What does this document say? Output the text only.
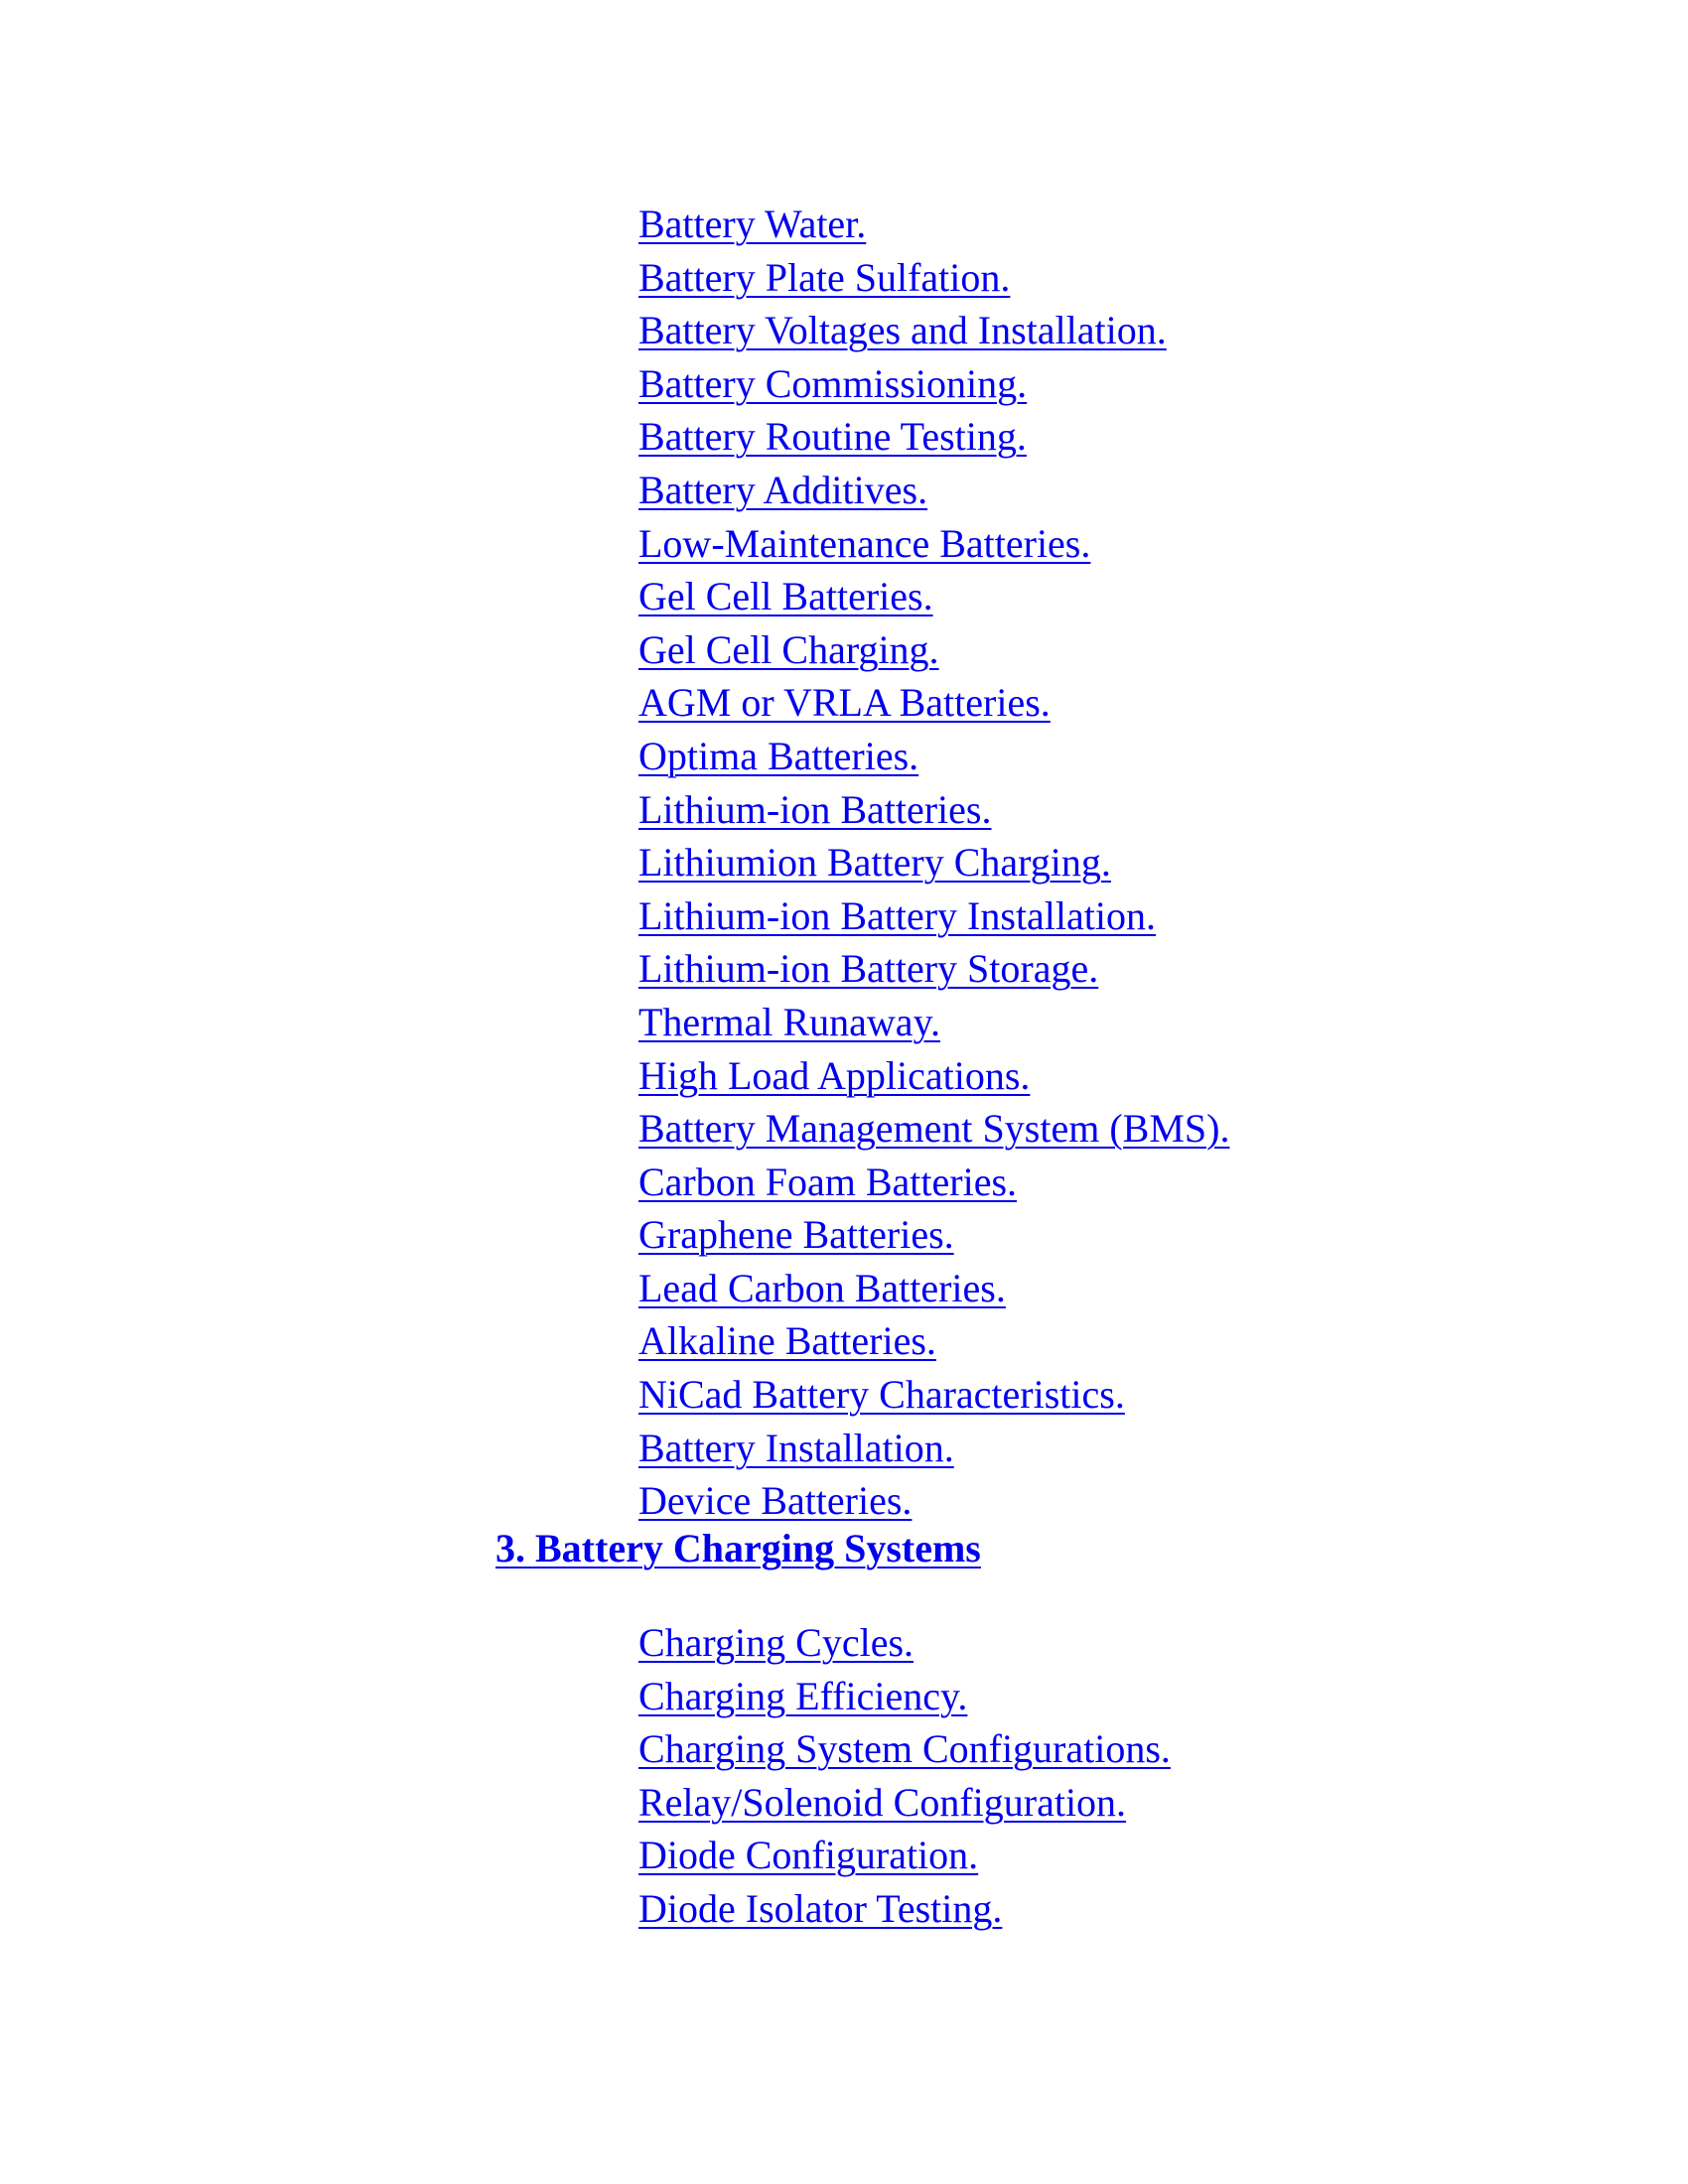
Battery Water.
Battery Plate Sulfation.
Battery Voltages and Installation.
Battery Commissioning.
Battery Routine Testing.
Battery Additives.
Low-Maintenance Batteries.
Gel Cell Batteries.
Gel Cell Charging.
AGM or VRLA Batteries.
Optima Batteries.
Lithium-ion Batteries.
Lithiumion Battery Charging.
Lithium-ion Battery Installation.
Lithium-ion Battery Storage.
Thermal Runaway.
High Load Applications.
Battery Management System (BMS).
Carbon Foam Batteries.
Graphene Batteries.
Lead Carbon Batteries.
Alkaline Batteries.
NiCad Battery Characteristics.
Battery Installation.
Device Batteries.
3. Battery Charging Systems
Charging Cycles.
Charging Efficiency.
Charging System Configurations.
Relay/Solenoid Configuration.
Diode Configuration.
Diode Isolator Testing.
